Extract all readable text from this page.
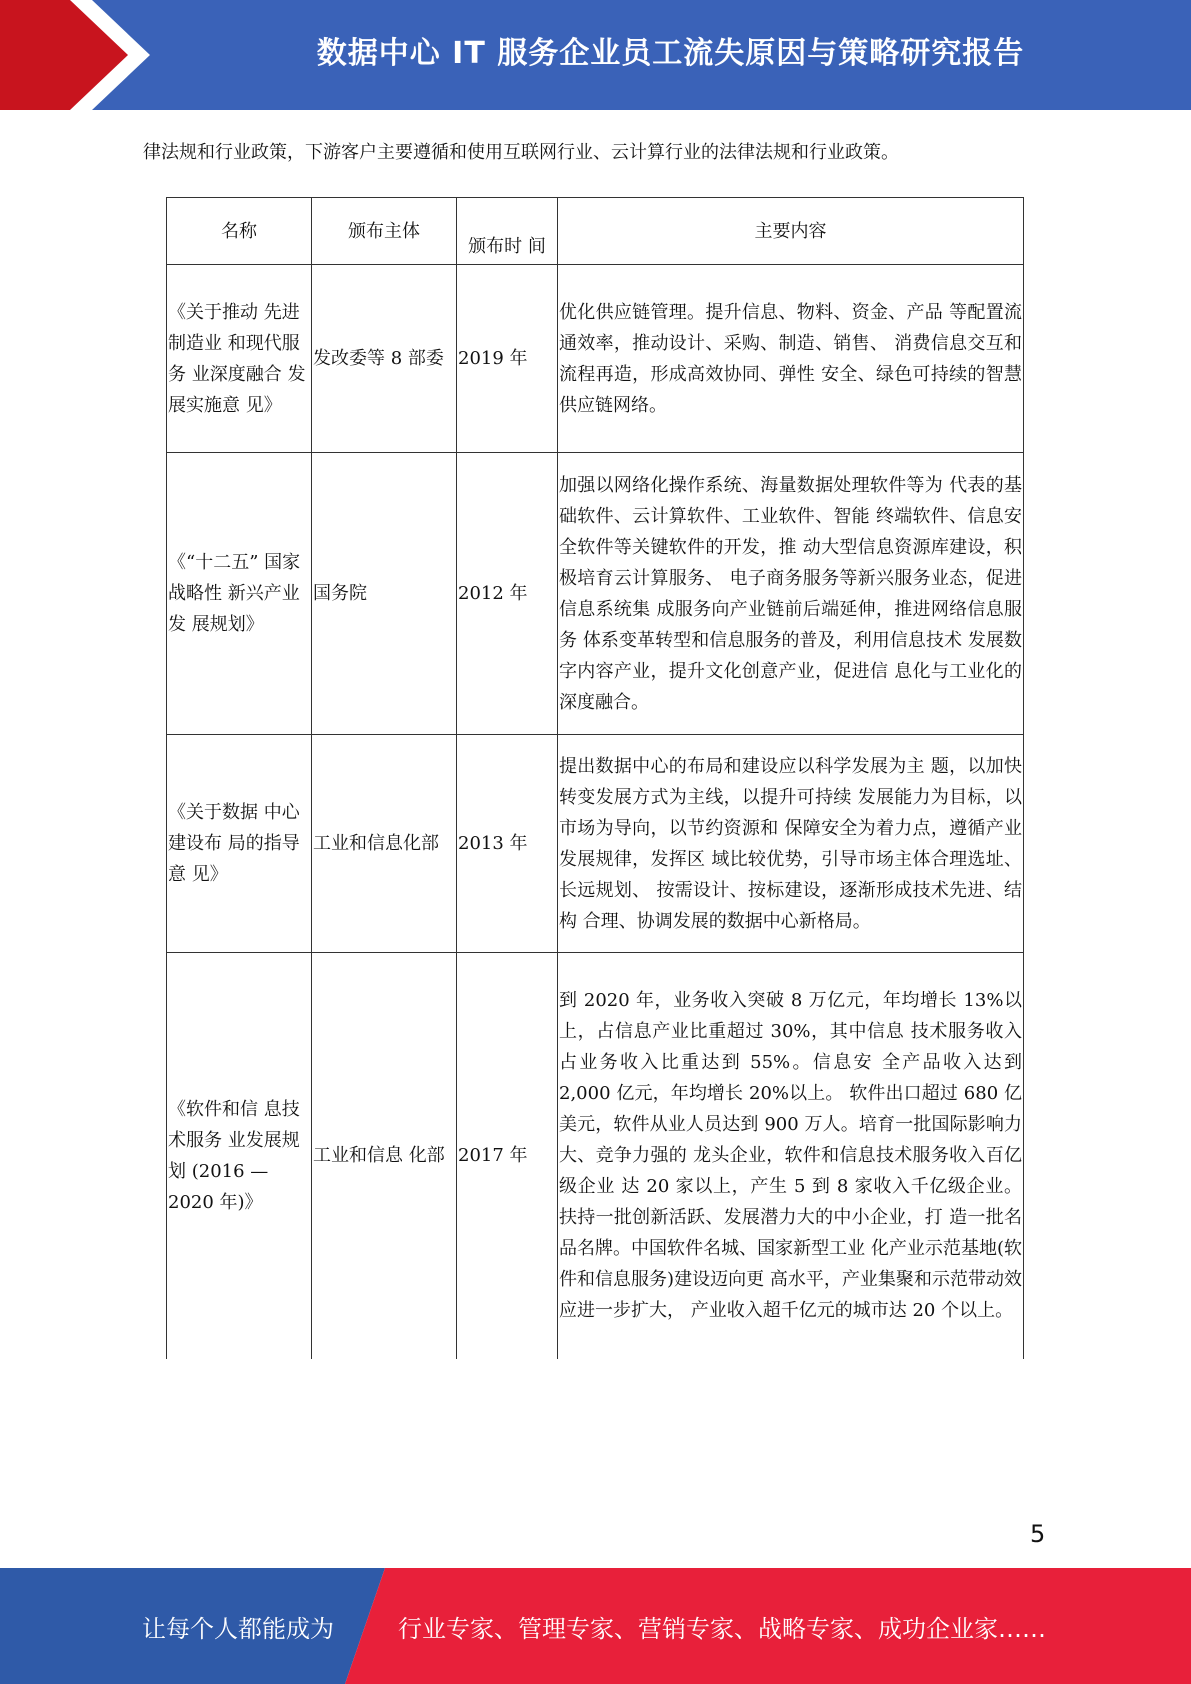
数据中心 IT 服务企业员工流失原因与策略研究报告
律法规和行业政策，下游客户主要遵循和使用互联网行业、云计算行业的法律法规和行业政策。
名称	颁布主体	颁布时 间	主要内容
《关于推动 先进制造业 和现代服务 业深度融合 发展实施意 见》	发改委等 8 部委	2019 年	优化供应链管理。提升信息、物料、资金、产品 等配置流通效率，推动设计、采购、制造、销售、 消费信息交互和流程再造，形成高效协同、弹性 安全、绿色可持续的智慧供应链网络。
《“十二五” 国家战略性 新兴产业发 展规划》	国务院	2012 年	加强以网络化操作系统、海量数据处理软件等为 代表的基础软件、云计算软件、工业软件、智能 终端软件、信息安全软件等关键软件的开发，推 动大型信息资源库建设，积极培育云计算服务、 电子商务服务等新兴服务业态，促进信息系统集 成服务向产业链前后端延伸，推进网络信息服务 体系变革转型和信息服务的普及，利用信息技术 发展数字内容产业，提升文化创意产业，促进信 息化与工业化的深度融合。
《关于数据 中心建设布 局的指导意 见》	工业和信息化部	2013 年	提出数据中心的布局和建设应以科学发展为主 题，以加快转变发展方式为主线，以提升可持续 发展能力为目标，以市场为导向，以节约资源和 保障安全为着力点，遵循产业发展规律，发挥区 域比较优势，引导市场主体合理选址、长远规划、 按需设计、按标建设，逐渐形成技术先进、结构 合理、协调发展的数据中心新格局。
《软件和信 息技术服务 业发展规划 (2016 — 2020 年)》	工业和信息 化部	2017 年	到 2020 年，业务收入突破 8 万亿元，年均增长 13%以上，占信息产业比重超过 30%，其中信息 技术服务收入占业务收入比重达到 55%。信息安 全产品收入达到 2,000 亿元，年均增长 20%以上。 软件出口超过 680 亿美元，软件从业人员达到 900 万人。培育一批国际影响力大、竞争力强的 龙头企业，软件和信息技术服务收入百亿级企业 达 20 家以上，产生 5 到 8 家收入千亿级企业。 扶持一批创新活跃、发展潜力大的中小企业，打 造一批名品名牌。中国软件名城、国家新型工业 化产业示范基地(软件和信息服务)建设迈向更 高水平，产业集聚和示范带动效应进一步扩大， 产业收入超千亿元的城市达 20 个以上。
5
让每个人都能成为	行业专家、管理专家、营销专家、战略专家、成功企业家……
